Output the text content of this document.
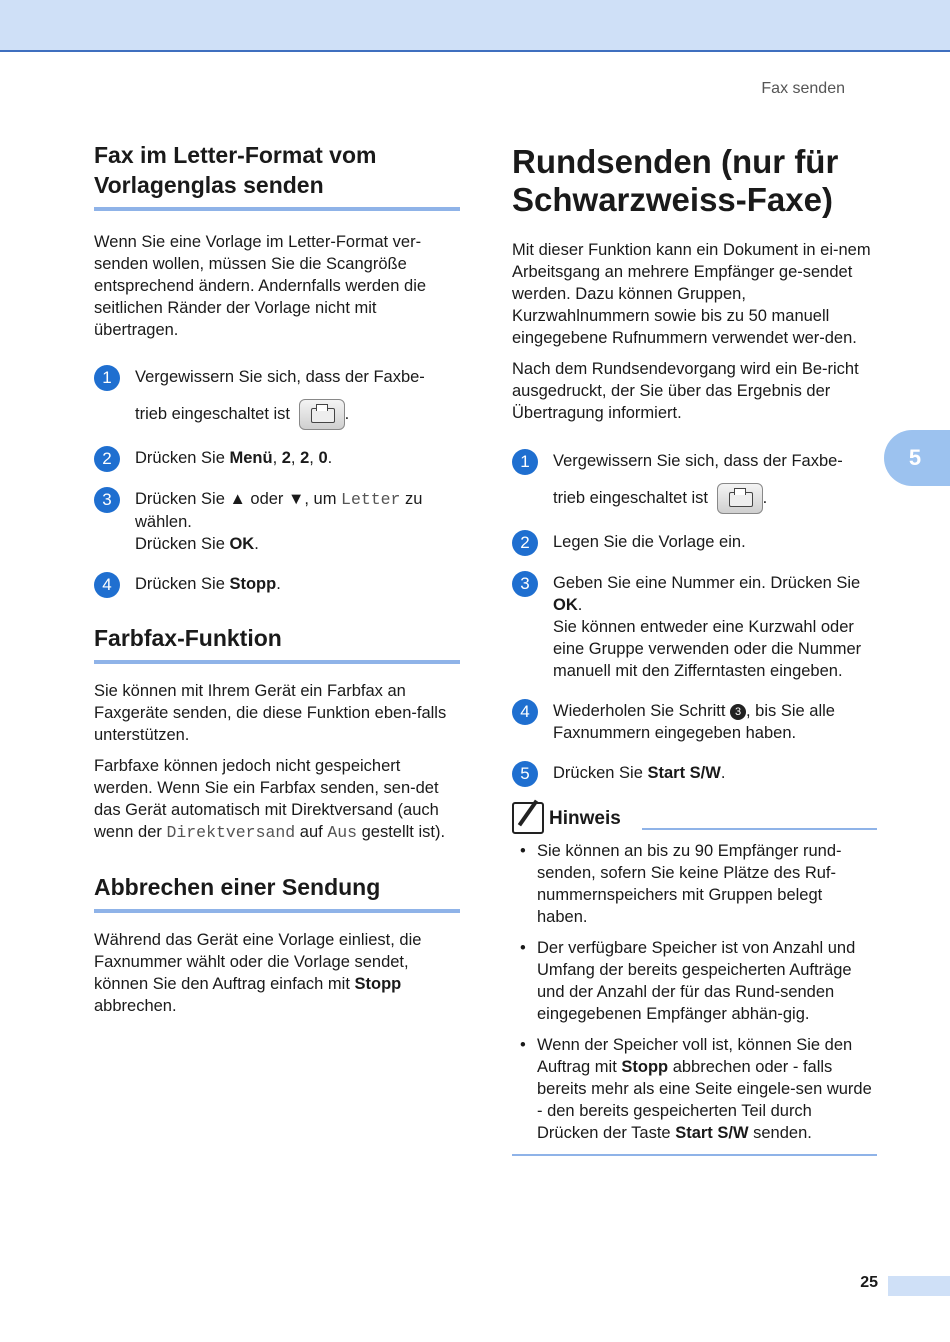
Fax senden
5
Fax im Letter-Format vom Vorlagenglas senden

Wenn Sie eine Vorlage im Letter-Format ver-senden wollen, müssen Sie die Scangröße entsprechend ändern. Andernfalls werden die seitlichen Ränder der Vorlage nicht mit übertragen.

1	Vergewissern Sie sich, dass der Faxbe-
trieb eingeschaltet ist	.
2	Drücken Sie Menü, 2, 2, 0.
3	Drücken Sie ▲ oder ▼, um Letter zu wählen.
Drücken Sie OK.
4	Drücken Sie Stopp.
Farbfax-Funktion

Sie können mit Ihrem Gerät ein Farbfax an Faxgeräte senden, die diese Funktion eben-falls unterstützen.

Farbfaxe können jedoch nicht gespeichert werden. Wenn Sie ein Farbfax senden, sen-det das Gerät automatisch mit Direktversand (auch wenn der Direktversand auf Aus gestellt ist).

Abbrechen einer Sendung

Während das Gerät eine Vorlage einliest, die Faxnummer wählt oder die Vorlage sendet, können Sie den Auftrag einfach mit Stopp abbrechen.

Rundsenden (nur für Schwarzweiss-Faxe)

Mit dieser Funktion kann ein Dokument in ei-nem Arbeitsgang an mehrere Empfänger ge-sendet werden. Dazu können Gruppen, Kurzwahlnummern sowie bis zu 50 manuell eingegebene Rufnummern verwendet wer-den.

Nach dem Rundsendevorgang wird ein Be-richt ausgedruckt, der Sie über das Ergebnis der Übertragung informiert.

1	Vergewissern Sie sich, dass der Faxbe-
trieb eingeschaltet ist	.
2	Legen Sie die Vorlage ein.
3	Geben Sie eine Nummer ein. Drücken Sie OK.
Sie können entweder eine Kurzwahl oder eine Gruppe verwenden oder die Nummer manuell mit den Zifferntasten eingeben.
4	Wiederholen Sie Schritt 3 , bis Sie alle Faxnummern eingegeben haben.
5	Drücken Sie Start S/W.
Hinweis
• Sie können an bis zu 90 Empfänger rund-senden, sofern Sie keine Plätze des Ruf-nummernspeichers mit Gruppen belegt haben.
• Der verfügbare Speicher ist von Anzahl und Umfang der bereits gespeicherten Aufträge und der Anzahl der für das Rund-senden eingegebenen Empfänger abhän-gig.
• Wenn der Speicher voll ist, können Sie den Auftrag mit Stopp abbrechen oder - falls bereits mehr als eine Seite eingele-sen wurde - den bereits gespeicherten Teil durch Drücken der Taste Start S/W senden.
25
